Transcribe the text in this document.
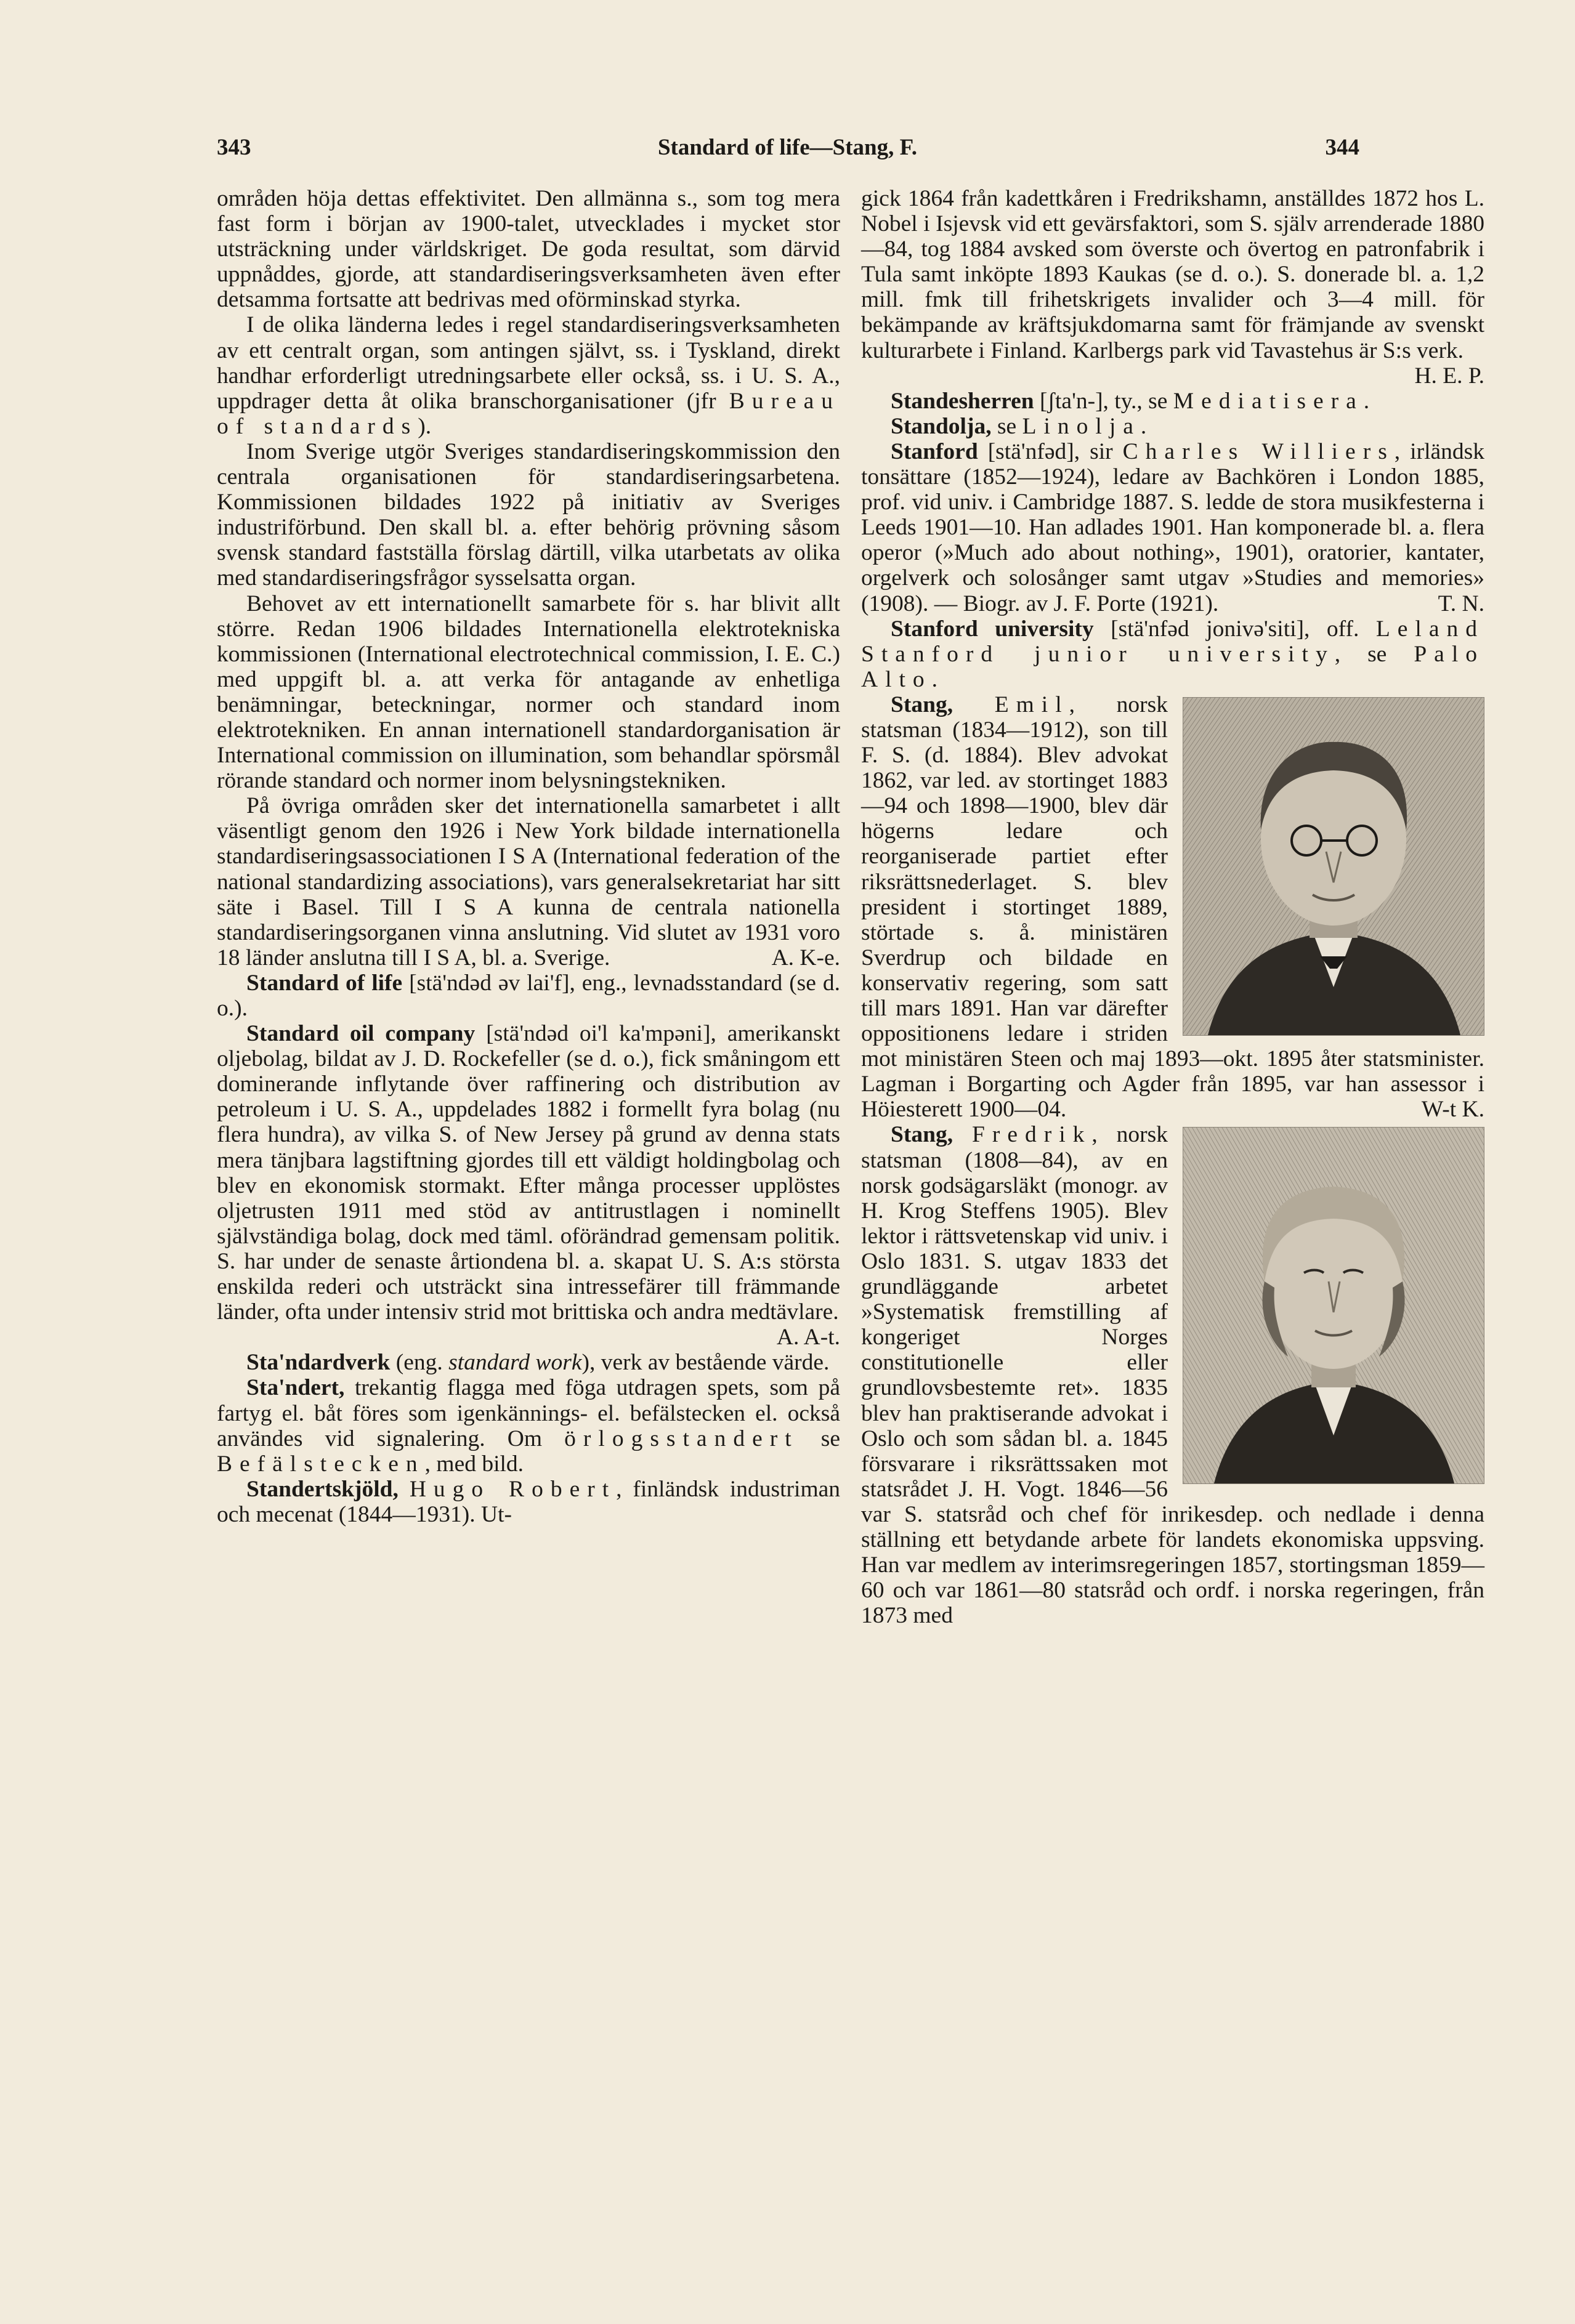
Standard of life—Stang, F.
343	344

områden höja dettas effektivitet. Den allmänna s., som tog mera fast form i början av 1900-talet, utvecklades i mycket stor utsträckning under världskriget. De goda resultat, som därvid uppnåddes, gjorde, att standardiseringsverksamheten även efter detsamma fortsatte att bedrivas med oförminskad styrka.

I de olika länderna ledes i regel standardiseringsverksamheten av ett centralt organ, som antingen självt, ss. i Tyskland, direkt handhar erforderligt utredningsarbete eller också, ss. i U. S. A., uppdrager detta åt olika branschorganisationer (jfr Bureau of standards).

Inom Sverige utgör Sveriges standardiseringskommission den centrala organisationen för standardiseringsarbetena. Kommissionen bildades 1922 på initiativ av Sveriges industriförbund. Den skall bl. a. efter behörig prövning såsom svensk standard fastställa förslag därtill, vilka utarbetats av olika med standardiseringsfrågor sysselsatta organ.

Behovet av ett internationellt samarbete för s. har blivit allt större. Redan 1906 bildades Internationella elektrotekniska kommissionen (International electrotechnical commission, I. E. C.) med uppgift bl. a. att verka för antagande av enhetliga benämningar, beteckningar, normer och standard inom elektrotekniken. En annan internationell standardorganisation är International commission on illumination, som behandlar spörsmål rörande standard och normer inom belysningstekniken.

På övriga områden sker det internationella samarbetet i allt väsentligt genom den 1926 i New York bildade internationella standardiseringsassociationen I S A (International federation of the national standardizing associations), vars generalsekretariat har sitt säte i Basel. Till I S A kunna de centrala nationella standardiseringsorganen vinna anslutning. Vid slutet av 1931 voro 18 länder anslutna till I S A, bl. a. Sverige.	A. K-e.

Standard of life [stä'ndəd əv lai'f], eng., levnadsstandard (se d. o.).

Standard oil company [stä'ndəd oi'l ka'mpəni], amerikanskt oljebolag, bildat av J. D. Rockefeller (se d. o.), fick småningom ett dominerande inflytande över raffinering och distribution av petroleum i U. S. A., uppdelades 1882 i formellt fyra bolag (nu flera hundra), av vilka S. of New Jersey på grund av denna stats mera tänjbara lagstiftning gjordes till ett väldigt holdingbolag och blev en ekonomisk stormakt. Efter många processer upplöstes oljetrusten 1911 med stöd av antitrustlagen i nominellt självständiga bolag, dock med täml. oförändrad gemensam politik. S. har under de senaste årtiondena bl. a. skapat U. S. A:s största enskilda rederi och utsträckt sina intressefärer till främmande länder, ofta under intensiv strid mot brittiska och andra medtävlare.
A. A-t.

Sta'ndardverk (eng. standard work), verk av bestående värde.

Sta'ndert, trekantig flagga med föga utdragen spets, som på fartyg el. båt föres som igenkännings- el. befälstecken el. också användes vid signalering. Om örlogsstandert se Befälstecken, med bild.

Standertskjöld, Hugo Robert, finländsk industriman och mecenat (1844—1931). Ut-

gick 1864 från kadettkåren i Fredrikshamn, anställdes 1872 hos L. Nobel i Isjevsk vid ett gevärsfaktori, som S. själv arrenderade 1880—84, tog 1884 avsked som överste och övertog en patronfabrik i Tula samt inköpte 1893 Kaukas (se d. o.). S. donerade bl. a. 1,2 mill. fmk till frihetskrigets invalider och 3—4 mill. för bekämpande av kräftsjukdomarna samt för främjande av svenskt kulturarbete i Finland. Karlbergs park vid Tavastehus är S:s verk.
H. E. P.

Standesherren [ʃta'n-], ty., se Mediatisera.

Standolja, se Linolja.

Stanford [stä'nfəd], sir Charles Williers, irländsk tonsättare (1852—1924), ledare av Bachkören i London 1885, prof. vid univ. i Cambridge 1887. S. ledde de stora musikfesterna i Leeds 1901—10. Han adlades 1901. Han komponerade bl. a. flera operor (»Much ado about nothing», 1901), oratorier, kantater, orgelverk och solosånger samt utgav »Studies and memories» (1908). — Biogr. av J. F. Porte (1921).	T. N.

Stanford university [stä'nfəd jonivə'siti], off. Leland Stanford junior university, se Palo Alto.

Stang, Emil, norsk statsman (1834—1912), son till F. S. (d. 1884). Blev advokat 1862, var led. av stortinget 1883—94 och 1898—1900, blev där högerns ledare och reorganiserade partiet efter riksrättsnederlaget. S. blev president i stortinget 1889, störtade s. å. ministären Sverdrup och bildade en konservativ regering, som satt till mars 1891. Han var därefter oppositionens ledare i striden mot ministären Steen och maj 1893—okt. 1895 åter statsminister. Lagman i Borgarting och Agder från 1895, var han assessor i Höiesterett 1900—04.	W-t K.

Stang, Fredrik, norsk statsman (1808—84), av en norsk godsägarsläkt (monogr. av H. Krog Steffens 1905). Blev lektor i rättsvetenskap vid univ. i Oslo 1831. S. utgav 1833 det grundläggande arbetet »Systematisk fremstilling af kongeriget Norges constitutionelle eller grundlovsbestemte ret». 1835 blev han praktiserande advokat i Oslo och som sådan bl. a. 1845 försvarare i riksrättssaken mot statsrådet J. H. Vogt. 1846—56 var S. statsråd och chef för inrikesdep. och nedlade i denna ställning ett betydande arbete för landets ekonomiska uppsving. Han var medlem av interimsregeringen 1857, stortingsman 1859—60 och var 1861—80 statsråd och ordf. i norska regeringen, från 1873 med
